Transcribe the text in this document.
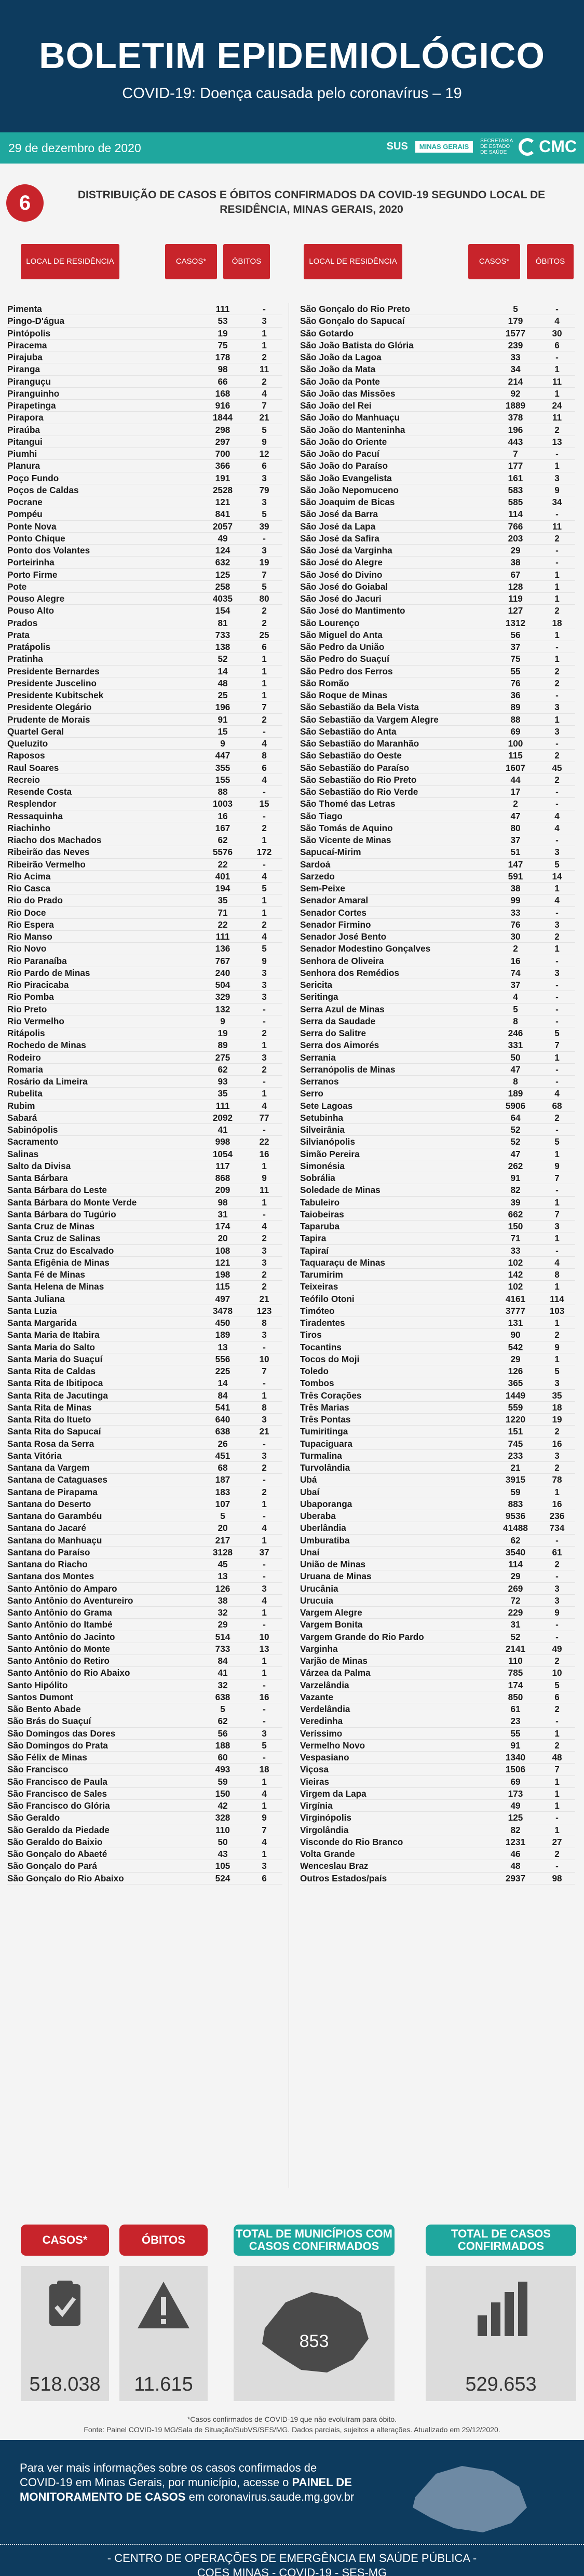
BOLETIM EPIDEMIOLÓGICO
COVID-19: Doença causada pelo coronavírus – 19
29 de dezembro de 2020	SUS	MINAS GERAIS
SECRETARIA DE ESTADO DE SAÚDE CMC
6	DISTRIBUIÇÃO DE CASOS E ÓBITOS CONFIRMADOS DA COVID-19 SEGUNDO LOCAL DE RESIDÊNCIA, MINAS GERAIS, 2020
LOCAL DE RESIDÊNCIA	CASOS*	ÓBITOS	LOCAL DE RESIDÊNCIA	CASOS*	ÓBITOS
Pimenta	111	-
Pingo-D'água	53	3
Pintópolis	19	1
Piracema	75	1
Pirajuba	178	2
Piranga	98	11
Piranguçu	66	2
Piranguinho	168	4
Pirapetinga	916	7
Pirapora	1844	21
Piraúba	298	5
Pitangui	297	9
Piumhi	700	12
Planura	366	6
Poço Fundo	191	3
Poços de Caldas	2528	79
Pocrane	121	3
Pompéu	841	5
Ponte Nova	2057	39
Ponto Chique	49	-
Ponto dos Volantes	124	3
Porteirinha	632	19
Porto Firme	125	7
Pote	258	5
Pouso Alegre	4035	80
Pouso Alto	154	2
Prados	81	2
Prata	733	25
Pratápolis	138	6
Pratinha	52	1
Presidente Bernardes	14	1
Presidente Juscelino	48	1
Presidente Kubitschek	25	1
Presidente Olegário	196	7
Prudente de Morais	91	2
Quartel Geral	15	-
Queluzito	9	4
Raposos	447	8
Raul Soares	355	6
Recreio	155	4
Resende Costa	88	-
Resplendor	1003	15
Ressaquinha	16	-
Riachinho	167	2
Riacho dos Machados	62	1
Ribeirão das Neves	5576	172
Ribeirão Vermelho	22	-
Rio Acima	401	4
Rio Casca	194	5
Rio do Prado	35	1
Rio Doce	71	1
Rio Espera	22	2
Rio Manso	111	4
Rio Novo	136	5
Rio Paranaíba	767	9
Rio Pardo de Minas	240	3
Rio Piracicaba	504	3
Rio Pomba	329	3
Rio Preto	132	-
Rio Vermelho	9	-
Ritápolis	19	2
Rochedo de Minas	89	1
Rodeiro	275	3
Romaria	62	2
Rosário da Limeira	93	-
Rubelita	35	1
Rubim	111	4
Sabará	2092	77
Sabinópolis	41	-
Sacramento	998	22
Salinas	1054	16
Salto da Divisa	117	1
Santa Bárbara	868	9
Santa Bárbara do Leste	209	11
Santa Bárbara do Monte Verde	98	1
Santa Bárbara do Tugúrio	31	-
Santa Cruz de Minas	174	4
Santa Cruz de Salinas	20	2
Santa Cruz do Escalvado	108	3
Santa Efigênia de Minas	121	3
Santa Fé de Minas	198	2
Santa Helena de Minas	115	2
Santa Juliana	497	21
Santa Luzia	3478	123
Santa Margarida	450	8
Santa Maria de Itabira	189	3
Santa Maria do Salto	13	-
Santa Maria do Suaçuí	556	10
Santa Rita de Caldas	225	7
Santa Rita de Ibitipoca	14	-
Santa Rita de Jacutinga	84	1
Santa Rita de Minas	541	8
Santa Rita do Itueto	640	3
Santa Rita do Sapucaí	638	21
Santa Rosa da Serra	26	-
Santa Vitória	451	3
Santana da Vargem	68	2
Santana de Cataguases	187	-
Santana de Pirapama	183	2
Santana do Deserto	107	1
Santana do Garambéu	5	-
Santana do Jacaré	20	4
Santana do Manhuaçu	217	1
Santana do Paraíso	3128	37
Santana do Riacho	45	-
Santana dos Montes	13	-
Santo Antônio do Amparo	126	3
Santo Antônio do Aventureiro	38	4
Santo Antônio do Grama	32	1
Santo Antônio do Itambé	29	-
Santo Antônio do Jacinto	514	10
Santo Antônio do Monte	733	13
Santo Antônio do Retiro	84	1
Santo Antônio do Rio Abaixo	41	1
Santo Hipólito	32	-
Santos Dumont	638	16
São Bento Abade	5	-
São Brás do Suaçuí	62	-
São Domingos das Dores	56	3
São Domingos do Prata	188	5
São Félix de Minas	60	-
São Francisco	493	18
São Francisco de Paula	59	1
São Francisco de Sales	150	4
São Francisco do Glória	42	1
São Geraldo	328	9
São Geraldo da Piedade	110	7
São Geraldo do Baixio	50	4
São Gonçalo do Abaeté	43	1
São Gonçalo do Pará	105	3
São Gonçalo do Rio Abaixo	524	6
São Gonçalo do Rio Preto	5	-
São Gonçalo do Sapucaí	179	4
São Gotardo	1577	30
São João Batista do Glória	239	6
São João da Lagoa	33	-
São João da Mata	34	1
São João da Ponte	214	11
São João das Missões	92	1
São João del Rei	1889	24
São João do Manhuaçu	378	11
São João do Manteninha	196	2
São João do Oriente	443	13
São João do Pacuí	7	-
São João do Paraíso	177	1
São João Evangelista	161	3
São João Nepomuceno	583	9
São Joaquim de Bicas	585	34
São José da Barra	114	-
São José da Lapa	766	11
São José da Safira	203	2
São José da Varginha	29	-
São José do Alegre	38	-
São José do Divino	67	1
São José do Goiabal	128	1
São José do Jacuri	119	1
São José do Mantimento	127	2
São Lourenço	1312	18
São Miguel do Anta	56	1
São Pedro da União	37	-
São Pedro do Suaçuí	75	1
São Pedro dos Ferros	55	2
São Romão	76	2
São Roque de Minas	36	-
São Sebastião da Bela Vista	89	3
São Sebastião da Vargem Alegre	88	1
São Sebastião do Anta	69	3
São Sebastião do Maranhão	100	-
São Sebastião do Oeste	115	2
São Sebastião do Paraíso	1607	45
São Sebastião do Rio Preto	44	2
São Sebastião do Rio Verde	17	-
São Thomé das Letras	2	-
São Tiago	47	4
São Tomás de Aquino	80	4
São Vicente de Minas	37	-
Sapucaí-Mirim	51	3
Sardoá	147	5
Sarzedo	591	14
Sem-Peixe	38	1
Senador Amaral	99	4
Senador Cortes	33	-
Senador Firmino	76	3
Senador José Bento	30	2
Senador Modestino Gonçalves	2	1
Senhora de Oliveira	16	-
Senhora dos Remédios	74	3
Sericita	37	-
Seritinga	4	-
Serra Azul de Minas	5	-
Serra da Saudade	8	-
Serra do Salitre	246	5
Serra dos Aimorés	331	7
Serrania	50	1
Serranópolis de Minas	47	-
Serranos	8	-
Serro	189	4
Sete Lagoas	5906	68
Setubinha	64	2
Silveirânia	52	-
Silvianópolis	52	5
Simão Pereira	47	1
Simonésia	262	9
Sobrália	91	7
Soledade de Minas	82	-
Tabuleiro	39	1
Taiobeiras	662	7
Taparuba	150	3
Tapira	71	1
Tapiraí	33	-
Taquaraçu de Minas	102	4
Tarumirim	142	8
Teixeiras	102	1
Teófilo Otoni	4161	114
Timóteo	3777	103
Tiradentes	131	1
Tiros	90	2
Tocantins	542	9
Tocos do Moji	29	1
Toledo	126	5
Tombos	365	3
Três Corações	1449	35
Três Marias	559	18
Três Pontas	1220	19
Tumiritinga	151	2
Tupaciguara	745	16
Turmalina	233	3
Turvolândia	21	2
Ubá	3915	78
Ubaí	59	1
Ubaporanga	883	16
Uberaba	9536	236
Uberlândia	41488	734
Umburatiba	62	-
Unaí	3540	61
União de Minas	114	2
Uruana de Minas	29	-
Urucânia	269	3
Urucuia	72	3
Vargem Alegre	229	9
Vargem Bonita	31	-
Vargem Grande do Rio Pardo	52	-
Varginha	2141	49
Varjão de Minas	110	2
Várzea da Palma	785	10
Varzelândia	174	5
Vazante	850	6
Verdelândia	61	2
Veredinha	23	-
Veríssimo	55	1
Vermelho Novo	91	2
Vespasiano	1340	48
Viçosa	1506	7
Vieiras	69	1
Virgem da Lapa	173	1
Virgínia	49	1
Virginópolis	125	-
Virgolândia	82	1
Visconde do Rio Branco	1231	27
Volta Grande	46	2
Wenceslau Braz	48	-
Outros Estados/país	2937	98
CASOS*	ÓBITOS	TOTAL DE MUNICÍPIOS COM CASOS CONFIRMADOS
TOTAL DE CASOS CONFIRMADOS
518.038	11.615
853
529.653
*Casos confirmados de COVID-19 que não evoluíram para óbito.
Fonte: Painel COVID-19 MG/Sala de Situação/SubVS/SES/MG. Dados parciais, sujeitos a alterações. Atualizado em 29/12/2020.
Para ver mais informações sobre os casos confirmados de COVID-19 em Minas Gerais, por município, acesse o PAINEL DE MONITORAMENTO DE CASOS em coronavirus.saude.mg.gov.br
- CENTRO DE OPERAÇÕES DE EMERGÊNCIA EM SAÚDE PÚBLICA -
COES MINAS - COVID-19 - SES-MG
